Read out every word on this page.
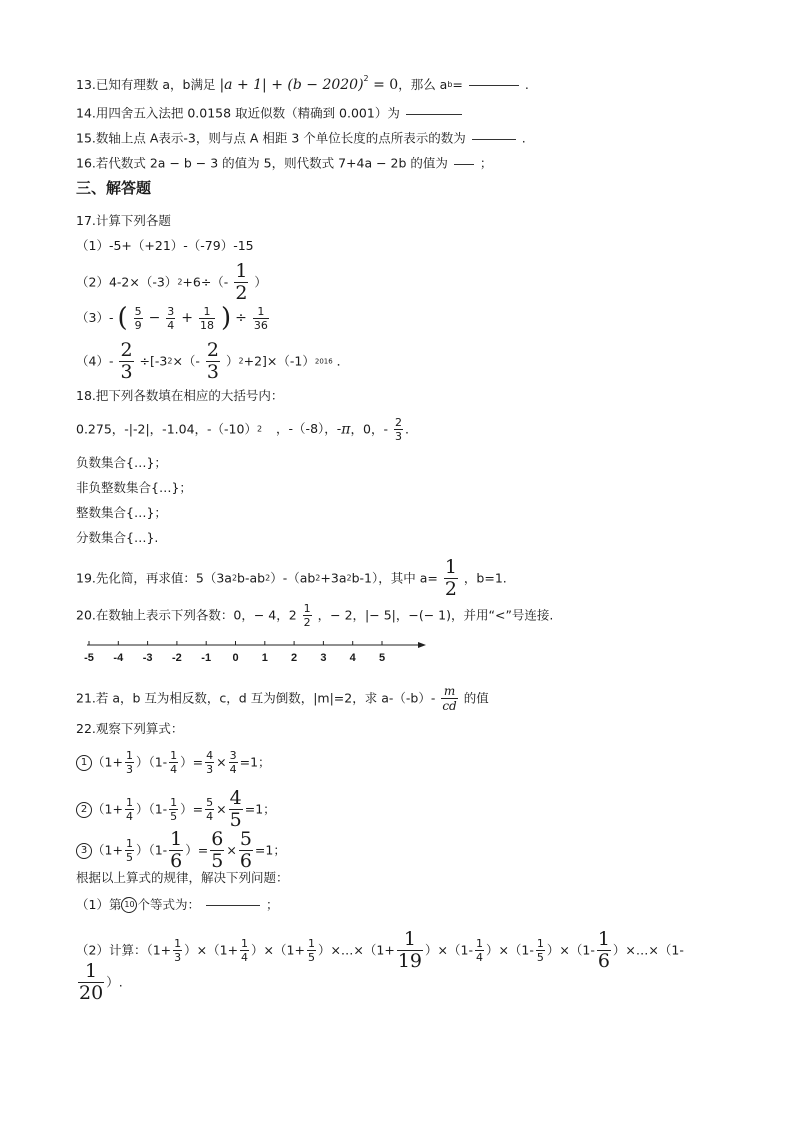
13.已知有理数 a，b满足 $|a + 1| + (b - 2020)^2 = 0$，那么 ab=	.
14.用四舍五入法把 0.0158 取近似数（精确到 0.001）为
15.数轴上点 A表示-3，则与点 A 相距 3 个单位长度的点所表示的数为	.
16.若代数式 2a − b − 3 的值为 5，则代数式 7+4a − 2b 的值为	；
三、解答题
17.计算下列各题
（1）-5+（+21）-（-79）-15
$(2)4-2\times(-3)2+6\div(- \frac{1}{2}$ ）
（3）- ( $\frac{5}{9} - \frac{3}{4} + \frac{1}{18}$ ) ÷ $\frac{1}{36}$
$(4)- \frac{2}{3} \div[-32\times(- \frac{2}{3} )2+2]\times(-1)2016$ ．
18.把下列各数填在相应的大括号内：
0.275，-|-2|，-1.04，-（-10）2 ，-（-8），-π，0，- $\frac{2}{3}$ .
负数集合{…}；
非负整数集合{…}；
整数集合{…}；
分数集合{…}.
19.先化简，再求值：5（3a2b-ab2）-（ab2+3a2b-1），其中 $a= \frac{1}{2}$ ，b=1.
20.在数轴上表示下列各数：0，− 4，$2 \frac{1}{2}$ ，− 2，|− 5|，−(− 1)，并用“<”号连接.
-5 -4 -3 -2 -1 0 1 2 3 4 5
21.若 a，b 互为相反数，c，d 互为倒数，|m|=2，求 $a-(-b)- \frac{m}{cd}$ 的值
22.观察下列算式：
1 $(1+ \frac{1}{3} )(1- \frac{1}{4}$ ）= $\frac{4}{3} \times \frac{3}{4} =1$；
2 $(1+ \frac{1}{4} )(1- \frac{1}{5}$ ）= $\frac{5}{4} \times \frac{4}{5} =1$；
3 $(1+ \frac{1}{5} )(1- \frac{1}{6}$ ）= $\frac{6}{5} \times \frac{5}{6} =1$；
根据以上算式的规律，解决下列问题：
（1）第 10 个等式为：	；
（2）计算：$(1+ \frac{1}{3} )\times(1+ \frac{1}{4} )\times(1+ \frac{1}{5}$ ）×…×（1+ $\frac{1}{19} )\times(1- \frac{1}{4} )\times(1- \frac{1}{5} )\times(1- \frac{1}{6}$ ）×…×（1-
$\frac{1}{20}$ ）.
